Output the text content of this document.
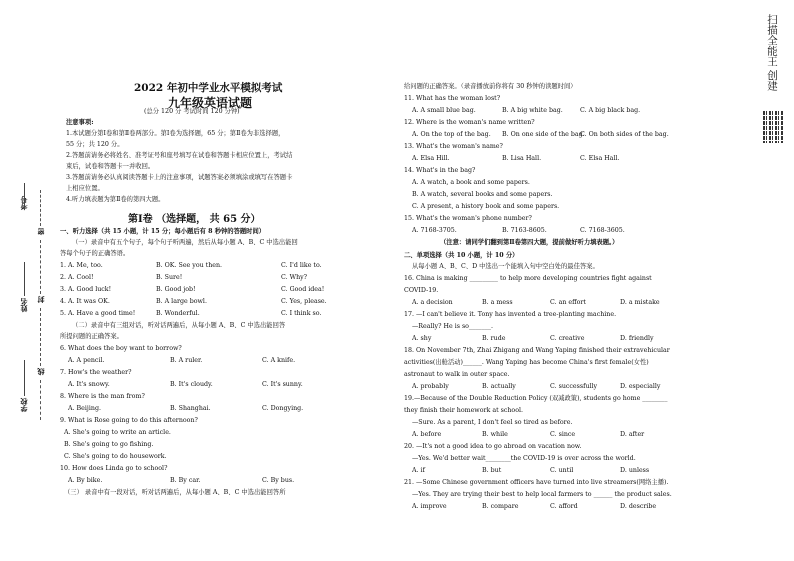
考号
密
姓名 封
线
学校
扫描全能王 创建
2022 年初中学业水平模拟考试
九年级英语试题
(总分 120 分 考试时间 120 分钟)
注意事项:
1.本试题分第Ⅰ卷和第Ⅱ卷两部分。第Ⅰ卷为选择题，65 分；第Ⅱ卷为非选择题，
55 分；共 120 分。
2.答题前请务必将姓名、准考证号和座号填写在试卷和答题卡相应位置上，考试结
束后，试卷和答题卡一并收回。
3.答题前请务必认真阅读答题卡上的注意事项，试题答案必须填涂或填写在答题卡
上相应位置。
4.听力填表题为第Ⅱ卷的第四大题。
第Ⅰ卷 （选择题， 共 65 分）
一、听力选择（共 15 小题，计 15 分；每小题后有 8 秒钟的答题时间）
（一）录音中有五个句子，每个句子听两遍，然后从每小题 A、B、C 中选出能回
答每个句子的正确答语。
1. A. Me, too.	B. OK. See you then.	C. I'd like to.
2. A. Cool!	B. Sure!	C. Why?
3. A. Good luck!	B. Good job!	C. Good idea!
4. A. It was OK.	B. A large bowl.	C. Yes, please.
5. A. Have a good time!	B. Wonderful.	C. I think so.
（二）录音中有三组对话，听对话两遍后，从每小题 A、B、C 中选出能回答
所提问题的正确答案。
6. What does the boy want to borrow?
A. A pencil.	B. A ruler.	C. A knife.
7. How's the weather?
A. It's snowy.	B. It's cloudy.	C. It's sunny.
8. Where is the man from?
A. Beijing.	B. Shanghai.	C. Dongying.
9. What is Rose going to do this afternoon?
A. She's going to write an article.
B. She's going to go fishing.
C. She's going to do housework.
10. How does Linda go to school?
A. By bike.	B. By car.	C. By bus.
（三） 录音中有一段对话，听对话两遍后，从每小题 A、B、C 中选出能回答所
给问题的正确答案。（录音播放前你将有 30 秒钟的读题时间）
11. What has the woman lost?
A. A small blue bag.	B. A big white bag.	C. A big black bag.
12. Where is the woman's name written?
A. On the top of the bag. B. On one side of the bag.
C. On both sides of the bag.
13. What's the woman's name?
A. Elsa Hill.	B. Lisa Hall.	C. Elsa Hall.
14. What's in the bag?
A. A watch, a book and some papers.
B. A watch, several books and some papers.
C. A present, a history book and some papers.
15. What's the woman's phone number?
A. 7168-3705.	B. 7163-8605.	C. 7168-3605.
（注意：请同学们翻到第Ⅱ卷第四大题，提前做好听力填表题。）
二、单项选择（共 10 小题，计 10 分）
从每小题 A、B、C、D 中选出一个能填入句中空白处的最佳答案。
16. China is making _________ to help more developing countries fight against
COVID-19.
A. a decision	B. a mess	C. an effort	D. a mistake
17. —I can't believe it. Tony has invented a tree-planting machine.
—Really? He is so_______.
A. shy	B. rude	C. creative	D. friendly
18. On November 7th, Zhai Zhigang and Wang Yaping finished their extravehicular
activities(出舱活动)______. Wang Yaping has become China's first female(女性)
astronaut to walk in outer space.
A. probably	B. actually	C. successfully	D. especially
19.—Because of the Double Reduction Policy (双减政策), students go home ________
they finish their homework at school.
—Sure. As a parent, I don't feel so tired as before.
A. before	B. while	C. since	D. after
20. —It's not a good idea to go abroad on vacation now.
—Yes. We'd better wait________the COVID-19 is over across the world.
A. if	B. but	C. until	D. unless
21. —Some Chinese government officers have turned into live streamers(网络主播).
—Yes. They are trying their best to help local farmers to ______ the product sales.
A. improve	B. compare	C. afford	D. describe
